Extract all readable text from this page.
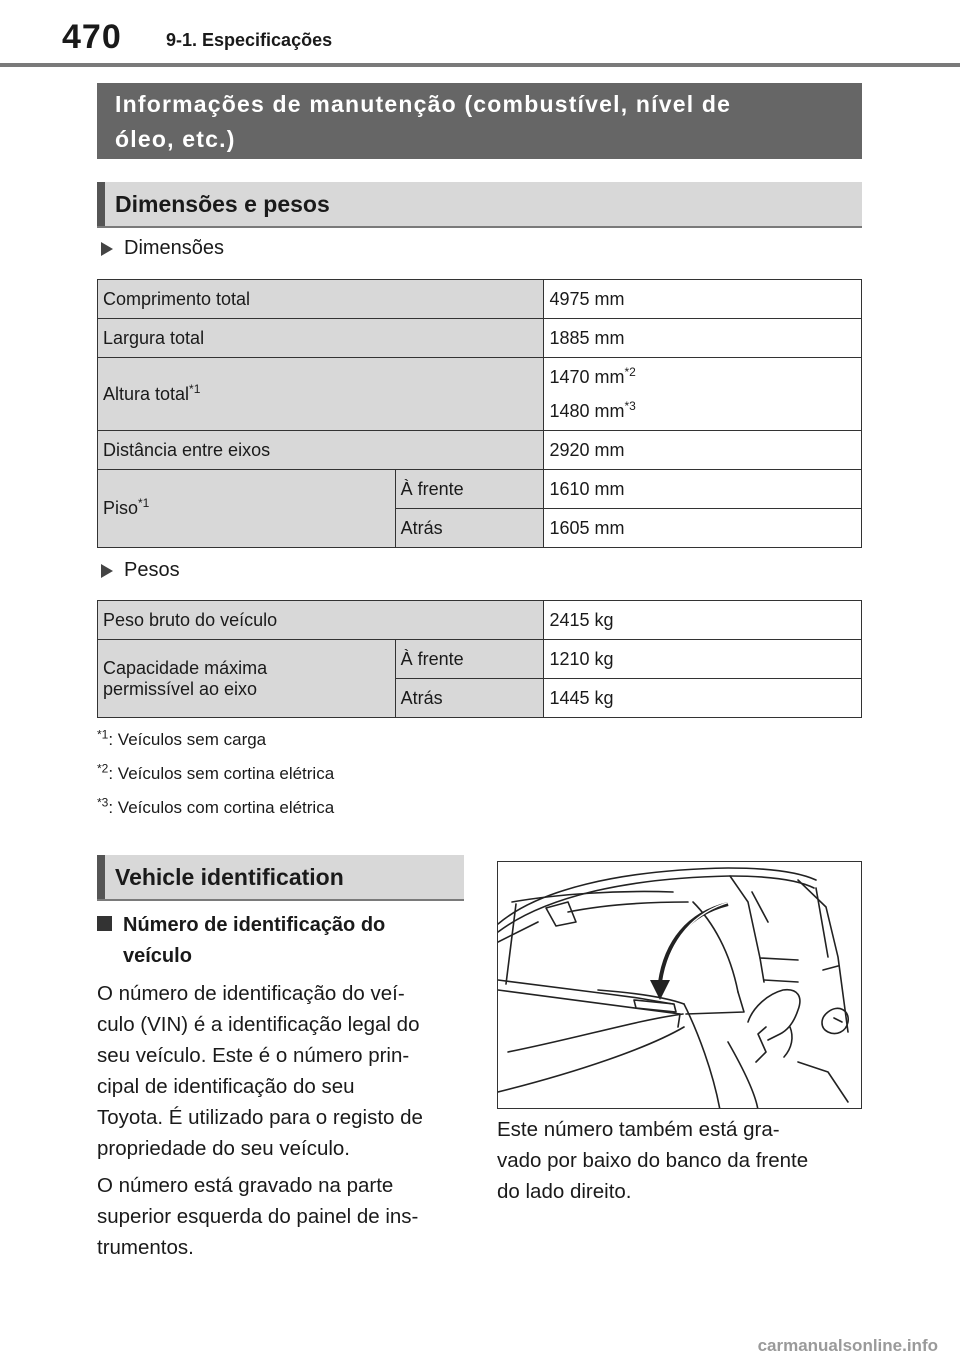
470 9-1. Especificações
Informações de manutenção (combustível, nível de
óleo, etc.)
Dimensões e pesos
Dimensões
Comprimento total		4975 mm
Largura total		1885 mm
Altura total$^{*1}$		1470 $mm^{*2}$
1480 $mm^{*3}$

Distância entre eixos		2920 mm
Piso$^{*1}$	À frente	1610 mm
	Atrás	1605 mm
Pesos
Peso bruto do veículo		2415 kg

Capacidade máxima
permissível ao eixo	À frente	1210 kg
	Atrás	1445 kg
$^{*1}$: Veículos sem carga
$^{*2}$: Veículos sem cortina elétrica
$^{*3}$: Veículos com cortina elétrica
Vehicle identification
Número de identificação do
veículo
O número de identificação do veí-
culo (VIN) é a identificação legal do
seu veículo. Este é o número prin-
cipal de identificação do seu
Toyota. É utilizado para o registo de
propriedade do seu veículo.
O número está gravado na parte
superior esquerda do painel de ins-
trumentos.
Este número também está gra-
vado por baixo do banco da frente
do lado direito.
carmanualsonline.info
